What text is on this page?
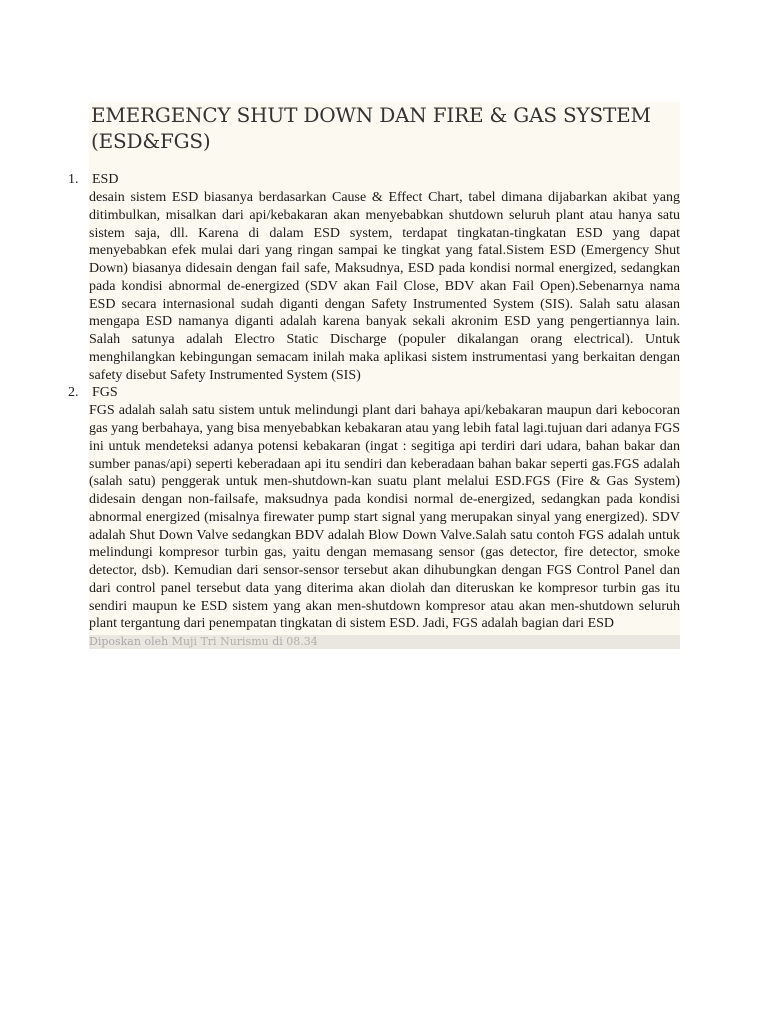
EMERGENCY SHUT DOWN DAN FIRE & GAS SYSTEM (ESD&FGS)
1. ESD

desain sistem ESD biasanya berdasarkan Cause & Effect Chart, tabel dimana dijabarkan akibat yang ditimbulkan, misalkan dari api/kebakaran akan menyebabkan shutdown seluruh plant atau hanya satu sistem saja, dll. Karena di dalam ESD system, terdapat tingkatan-tingkatan ESD yang dapat menyebabkan efek mulai dari yang ringan sampai ke tingkat yang fatal.Sistem ESD (Emergency Shut Down) biasanya didesain dengan fail safe, Maksudnya, ESD pada kondisi normal energized, sedangkan pada kondisi abnormal de-energized (SDV akan Fail Close, BDV akan Fail Open).Sebenarnya nama ESD secara internasional sudah diganti dengan Safety Instrumented System (SIS). Salah satu alasan mengapa ESD namanya diganti adalah karena banyak sekali akronim ESD yang pengertiannya lain. Salah satunya adalah Electro Static Discharge (populer dikalangan orang electrical). Untuk menghilangkan kebingungan semacam inilah maka aplikasi sistem instrumentasi yang berkaitan dengan safety disebut Safety Instrumented System (SIS)

2. FGS

FGS adalah salah satu sistem untuk melindungi plant dari bahaya api/kebakaran maupun dari kebocoran gas yang berbahaya, yang bisa menyebabkan kebakaran atau yang lebih fatal lagi.tujuan dari adanya FGS ini untuk mendeteksi adanya potensi kebakaran (ingat : segitiga api terdiri dari udara, bahan bakar dan sumber panas/api) seperti keberadaan api itu sendiri dan keberadaan bahan bakar seperti gas.FGS adalah (salah satu) penggerak untuk men-shutdown-kan suatu plant melalui ESD.FGS (Fire & Gas System) didesain dengan non-failsafe, maksudnya pada kondisi normal de-energized, sedangkan pada kondisi abnormal energized (misalnya firewater pump start signal yang merupakan sinyal yang energized). SDV adalah Shut Down Valve sedangkan BDV adalah Blow Down Valve.Salah satu contoh FGS adalah untuk melindungi kompresor turbin gas, yaitu dengan memasang sensor (gas detector, fire detector, smoke detector, dsb). Kemudian dari sensor-sensor tersebut akan dihubungkan dengan FGS Control Panel dan dari control panel tersebut data yang diterima akan diolah dan diteruskan ke kompresor turbin gas itu sendiri maupun ke ESD sistem yang akan men-shutdown kompresor atau akan men-shutdown seluruh plant tergantung dari penempatan tingkatan di sistem ESD. Jadi, FGS adalah bagian dari ESD

Diposkan oleh Muji Tri Nurismu di 08.34
